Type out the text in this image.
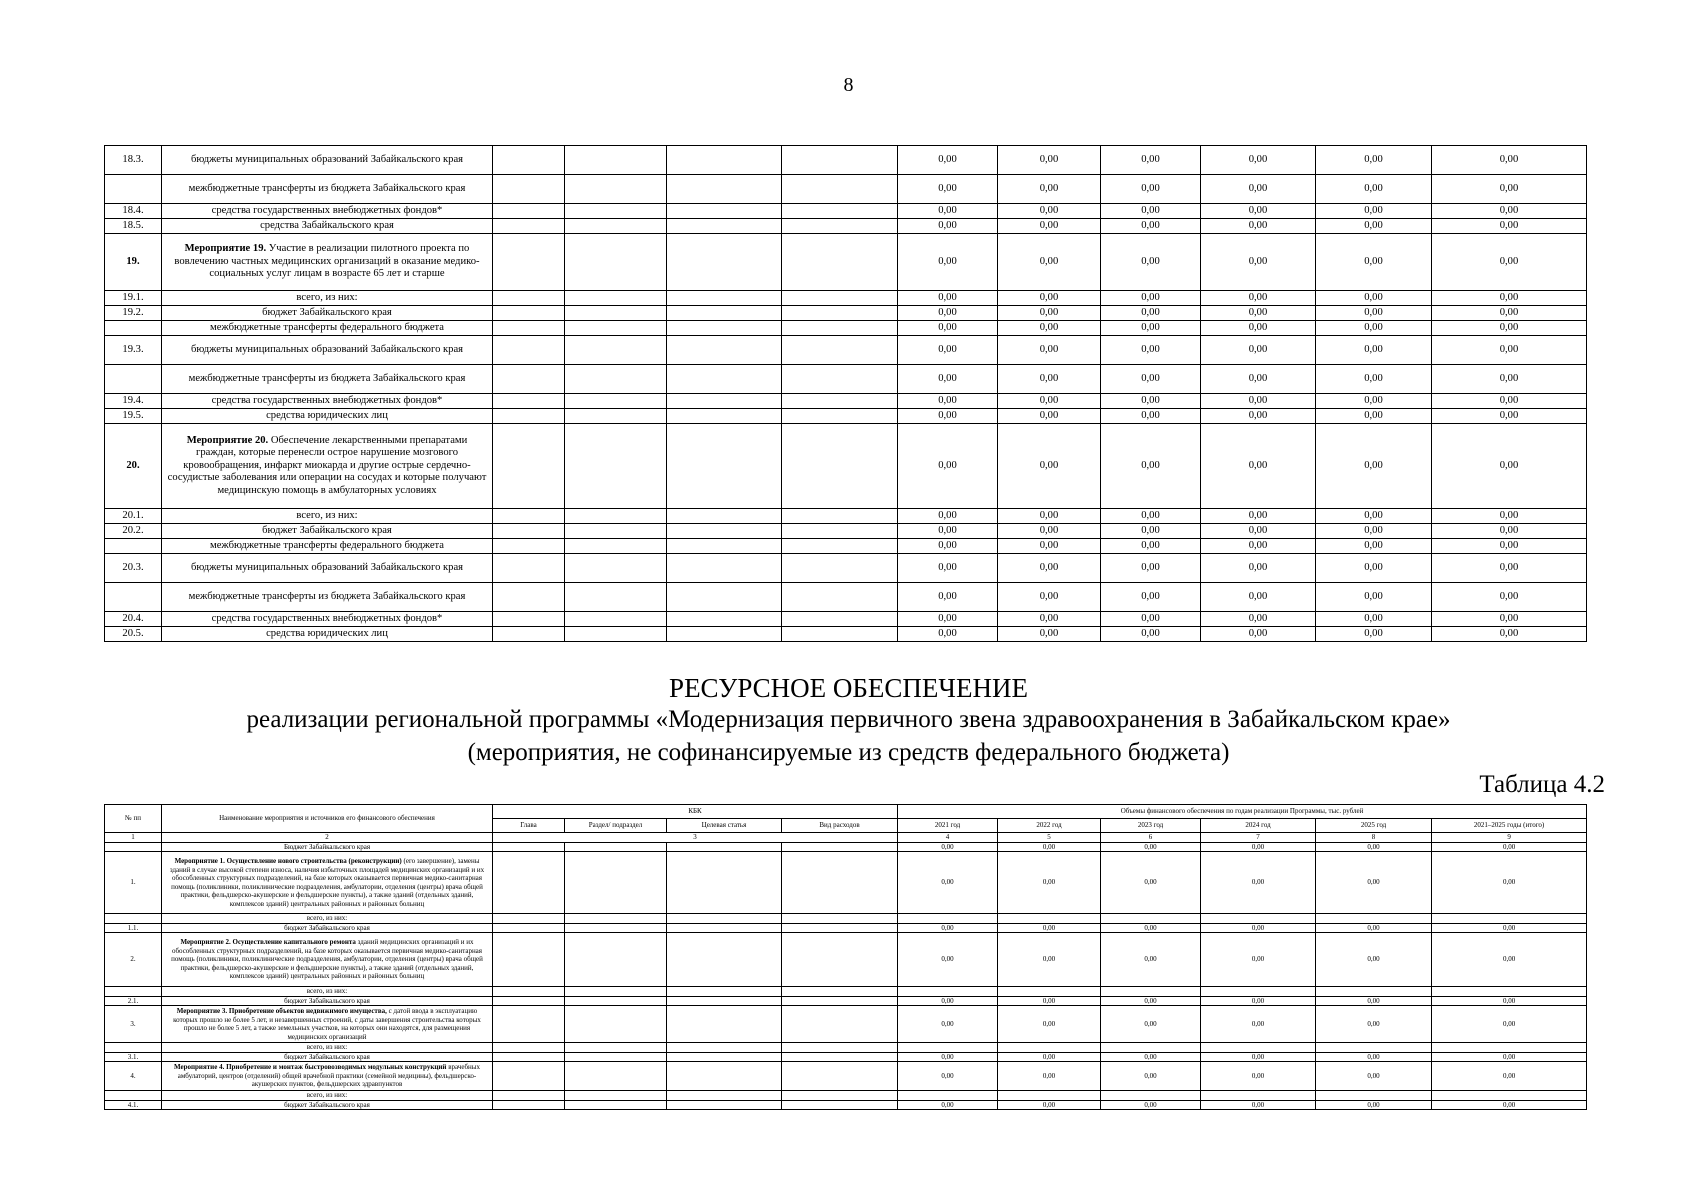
8
18.3.	бюджеты муниципальных образований Забайкальского края					0,00	0,00	0,00	0,00	0,00	0,00
	межбюджетные трансферты из бюджета Забайкальского края					0,00	0,00	0,00	0,00	0,00	0,00
18.4.	средства государственных внебюджетных фондов*					0,00	0,00	0,00	0,00	0,00	0,00
18.5.	средства Забайкальского края					0,00	0,00	0,00	0,00	0,00	0,00
19.	Мероприятие 19. Участие в реализации пилотного проекта по вовлечению частных медицинских организаций в оказание медико-социальных услуг лицам в возрасте 65 лет и старше					0,00	0,00	0,00	0,00	0,00	0,00
19.1.	всего, из них:					0,00	0,00	0,00	0,00	0,00	0,00
19.2.	бюджет Забайкальского края					0,00	0,00	0,00	0,00	0,00	0,00
	межбюджетные трансферты федерального бюджета					0,00	0,00	0,00	0,00	0,00	0,00
19.3.	бюджеты муниципальных образований Забайкальского края					0,00	0,00	0,00	0,00	0,00	0,00
	межбюджетные трансферты из бюджета Забайкальского края					0,00	0,00	0,00	0,00	0,00	0,00
19.4.	средства государственных внебюджетных фондов*					0,00	0,00	0,00	0,00	0,00	0,00
19.5.	средства юридических лиц					0,00	0,00	0,00	0,00	0,00	0,00
20.	Мероприятие 20. Обеспечение лекарственными препаратами граждан, которые перенесли острое нарушение мозгового кровообращения, инфаркт миокарда и другие острые сердечно-сосудистые заболевания или операции на сосудах и которые получают медицинскую помощь в амбулаторных условиях					0,00	0,00	0,00	0,00	0,00	0,00
20.1.	всего, из них:					0,00	0,00	0,00	0,00	0,00	0,00
20.2.	бюджет Забайкальского края					0,00	0,00	0,00	0,00	0,00	0,00
	межбюджетные трансферты федерального бюджета					0,00	0,00	0,00	0,00	0,00	0,00
20.3.	бюджеты муниципальных образований Забайкальского края					0,00	0,00	0,00	0,00	0,00	0,00
	межбюджетные трансферты из бюджета Забайкальского края					0,00	0,00	0,00	0,00	0,00	0,00
20.4.	средства государственных внебюджетных фондов*					0,00	0,00	0,00	0,00	0,00	0,00
20.5.	средства юридических лиц					0,00	0,00	0,00	0,00	0,00	0,00
РЕСУРСНОЕ ОБЕСПЕЧЕНИЕ
реализации региональной программы «Модернизация первичного звена здравоохранения в Забайкальском крае»
(мероприятия, не софинансируемые из средств федерального бюджета)
Таблица 4.2
№ пп	Наименование мероприятия и источников его финансового обеспечения	КБК				Объемы финансового обеспечения по годам реализации Программы, тыс. рублей					
		Глава	Раздел/ подраздел	Целевая статья	Вид расходов	2021 год	2022 год	2023 год	2024 год	2025 год	2021–2025 годы (итого)
1	2	3				4	5	6	7	8	9
	Бюджет Забайкальского края					0,00	0,00	0,00	0,00	0,00	0,00
1.	Мероприятие 1. Осуществление нового строительства (реконструкции) (его завершение), замены зданий в случае высокой степени износа, наличия избыточных площадей медицинских организаций и их обособленных структурных подразделений, на базе которых оказывается первичная медико-санитарная помощь (поликлиники, поликлинические подразделения, амбулатории, отделения (центры) врача общей практики, фельдшерско-акушерские и фельдшерские пункты), а также зданий (отдельных зданий, комплексов зданий) центральных районных и районных больниц					0,00	0,00	0,00	0,00	0,00	0,00
	всего, из них:										
1.1.	бюджет Забайкальского края					0,00	0,00	0,00	0,00	0,00	0,00
2.	Мероприятие 2. Осуществление капитального ремонта зданий медицинских организаций и их обособленных структурных подразделений, на базе которых оказывается первичная медико-санитарная помощь (поликлиники, поликлинические подразделения, амбулатории, отделения (центры) врача общей практики, фельдшерско-акушерские и фельдшерские пункты), а также зданий (отдельных зданий, комплексов зданий) центральных районных и районных больниц					0,00	0,00	0,00	0,00	0,00	0,00
	всего, из них:										
2.1.	бюджет Забайкальского края					0,00	0,00	0,00	0,00	0,00	0,00
3.	Мероприятие 3. Приобретение объектов недвижимого имущества, с датой ввода в эксплуатацию которых прошло не более 5 лет, и незавершенных строений, с даты завершения строительства которых прошло не более 5 лет, а также земельных участков, на которых они находятся, для размещения медицинских организаций					0,00	0,00	0,00	0,00	0,00	0,00
	всего, из них:										
3.1.	бюджет Забайкальского края					0,00	0,00	0,00	0,00	0,00	0,00
4.	Мероприятие 4. Приобретение и монтаж быстровозводимых модульных конструкций врачебных амбулаторий, центров (отделений) общей врачебной практики (семейной медицины), фельдшерско-акушерских пунктов, фельдшерских здравпунктов					0,00	0,00	0,00	0,00	0,00	0,00
	всего, из них:										
4.1.	бюджет Забайкальского края					0,00	0,00	0,00	0,00	0,00	0,00
